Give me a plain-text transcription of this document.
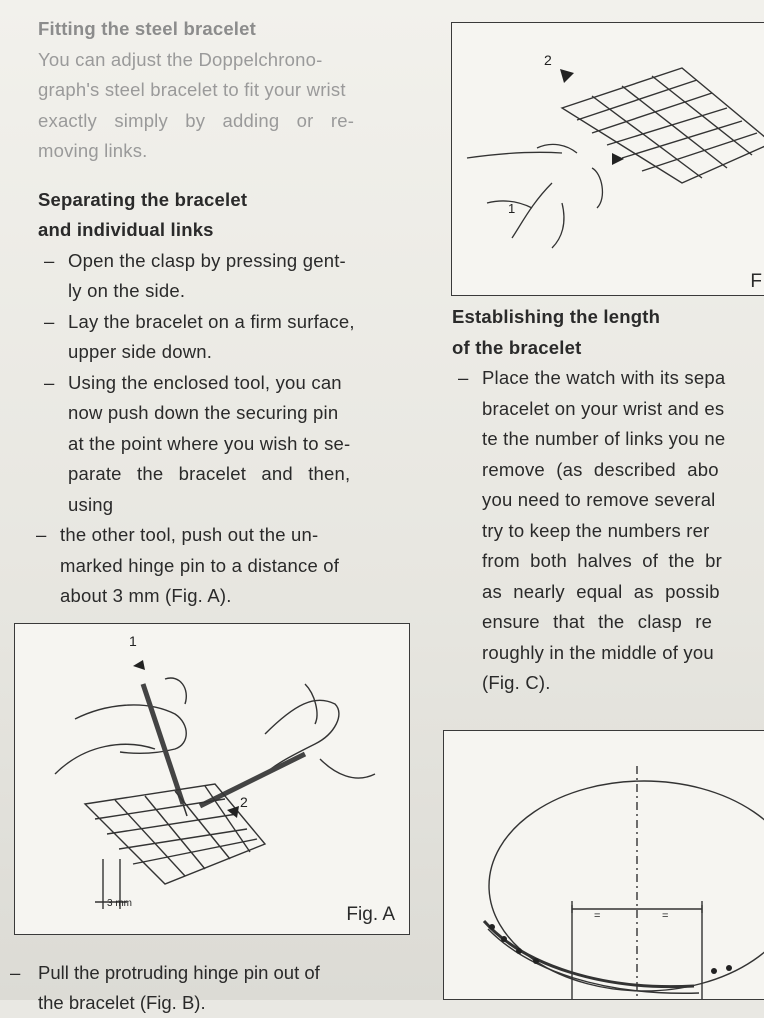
Fitting the steel bracelet

You can adjust the Doppelchrono-

graph's steel bracelet to fit your wrist

exactly simply by adding or re-

moving links.

Separating the bracelet

and individual links

– Open the clasp by pressing gent-

ly on the side.

– Lay the bracelet on a firm surface,

upper side down.

– Using the enclosed tool, you can

now push down the securing pin

at the point where you wish to se-

parate the bracelet and then,

using

– the other tool, push out the un-

marked hinge pin to a distance of

about 3 mm (Fig. A).

1
2
3 mm
Fig. A
2
1
F

Establishing the length

of the bracelet

– Place the watch with its sepa

bracelet on your wrist and es

te the number of links you ne

remove (as described abo

you need to remove several

try to keep the numbers rer

from both halves of the br

as nearly equal as possib

ensure that the clasp re

roughly in the middle of you

(Fig. C).

=	=
– Pull the protruding hinge pin out of

the bracelet (Fig. B).
